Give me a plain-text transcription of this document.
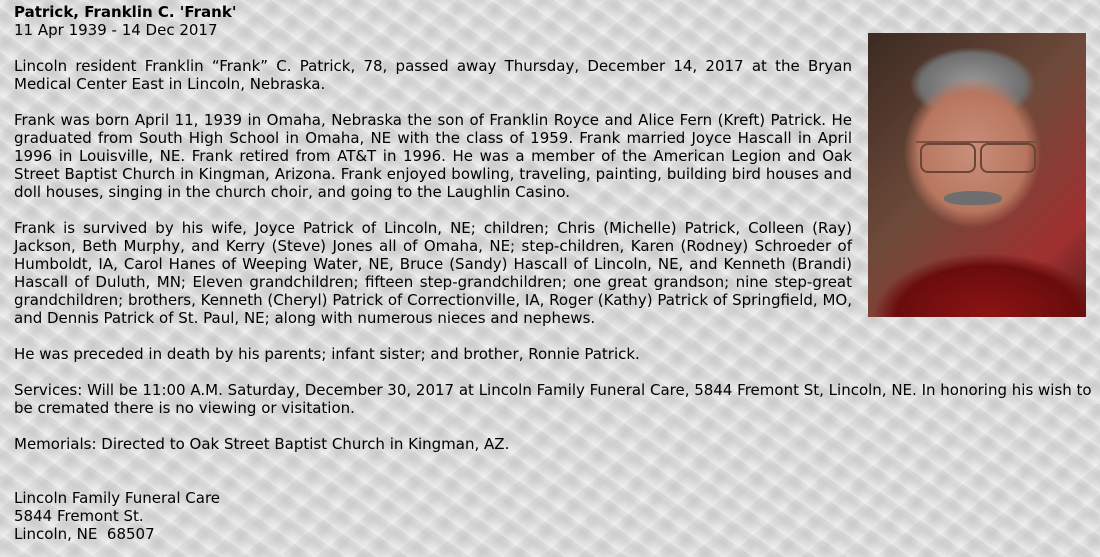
Patrick, Franklin C. 'Frank'
11 Apr 1939 - 14 Dec 2017

Lincoln resident Franklin “Frank” C. Patrick, 78, passed away Thursday, December 14, 2017 at the Bryan Medical Center East in Lincoln, Nebraska.

Frank was born April 11, 1939 in Omaha, Nebraska the son of Franklin Royce and Alice Fern (Kreft) Patrick. He graduated from South High School in Omaha, NE with the class of 1959. Frank married Joyce Hascall in April 1996 in Louisville, NE. Frank retired from AT&T in 1996. He was a member of the American Legion and Oak Street Baptist Church in Kingman, Arizona. Frank enjoyed bowling, traveling, painting, building bird houses and doll houses, singing in the church choir, and going to the Laughlin Casino.

Frank is survived by his wife, Joyce Patrick of Lincoln, NE; children; Chris (Michelle) Patrick, Colleen (Ray) Jackson, Beth Murphy, and Kerry (Steve) Jones all of Omaha, NE; step-children, Karen (Rodney) Schroeder of Humboldt, IA, Carol Hanes of Weeping Water, NE, Bruce (Sandy) Hascall of Lincoln, NE, and Kenneth (Brandi) Hascall of Duluth, MN; Eleven grandchildren; fifteen step-grandchildren; one great grandson; nine step-great grandchildren; brothers, Kenneth (Cheryl) Patrick of Correctionville, IA, Roger (Kathy) Patrick of Springfield, MO, and Dennis Patrick of St. Paul, NE; along with numerous nieces and nephews.

He was preceded in death by his parents; infant sister; and brother, Ronnie Patrick.

Services: Will be 11:00 A.M. Saturday, December 30, 2017 at Lincoln Family Funeral Care, 5844 Fremont St, Lincoln, NE. In honoring his wish to be cremated there is no viewing or visitation.

Memorials: Directed to Oak Street Baptist Church in Kingman, AZ.

Lincoln Family Funeral Care
5844 Fremont St.
Lincoln, NE  68507
